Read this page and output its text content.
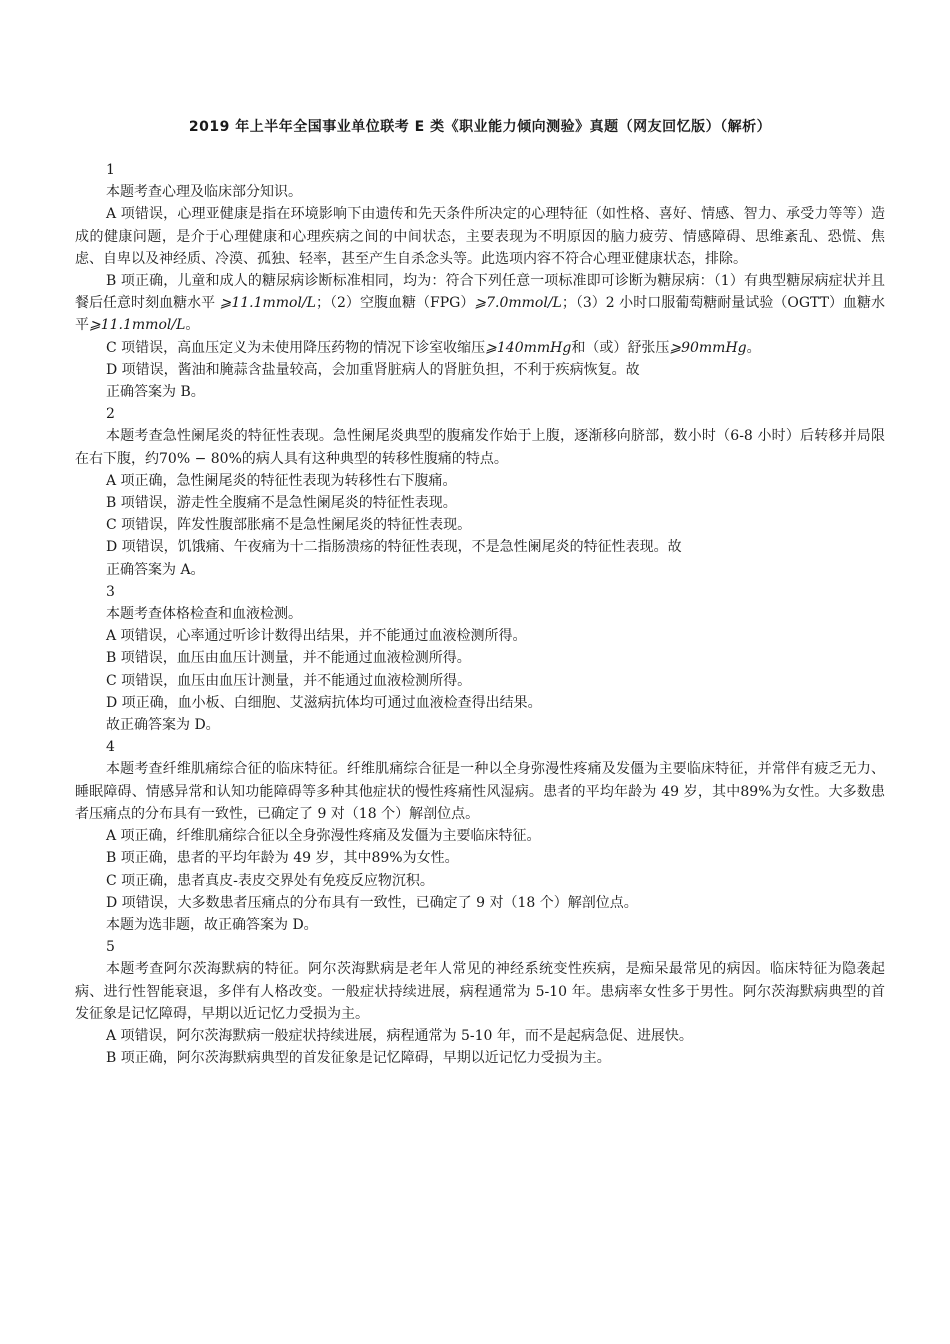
2019 年上半年全国事业单位联考 E 类《职业能力倾向测验》真题（网友回忆版）（解析）

1

本题考查心理及临床部分知识。

A 项错误，心理亚健康是指在环境影响下由遗传和先天条件所决定的心理特征（如性格、喜好、情感、智力、承受力等等）造成的健康问题，是介于心理健康和心理疾病之间的中间状态，主要表现为不明原因的脑力疲劳、情感障碍、思维紊乱、恐慌、焦虑、自卑以及神经质、冷漠、孤独、轻率，甚至产生自杀念头等。此选项内容不符合心理亚健康状态，排除。

B 项正确，儿童和成人的糖尿病诊断标准相同，均为：符合下列任意一项标准即可诊断为糖尿病：（1）有典型糖尿病症状并且餐后任意时刻血糖水平 ⩾11.1mmol/L；（2）空腹血糖（FPG）⩾7.0mmol/L；（3）2 小时口服葡萄糖耐量试验（OGTT）血糖水平⩾11.1mmol/L。

C 项错误，高血压定义为未使用降压药物的情况下诊室收缩压⩾140mmHg和（或）舒张压⩾90mmHg。

D 项错误，酱油和腌蒜含盐量较高，会加重肾脏病人的肾脏负担，不利于疾病恢复。故

正确答案为 B。

2

本题考查急性阑尾炎的特征性表现。急性阑尾炎典型的腹痛发作始于上腹，逐渐移向脐部，数小时（6-8 小时）后转移并局限在右下腹，约70% − 80%的病人具有这种典型的转移性腹痛的特点。

A 项正确，急性阑尾炎的特征性表现为转移性右下腹痛。

B 项错误，游走性全腹痛不是急性阑尾炎的特征性表现。

C 项错误，阵发性腹部胀痛不是急性阑尾炎的特征性表现。

D 项错误，饥饿痛、午夜痛为十二指肠溃疡的特征性表现，不是急性阑尾炎的特征性表现。故

正确答案为 A。

3

本题考查体格检查和血液检测。

A 项错误，心率通过听诊计数得出结果，并不能通过血液检测所得。

B 项错误，血压由血压计测量，并不能通过血液检测所得。

C 项错误，血压由血压计测量，并不能通过血液检测所得。

D 项正确，血小板、白细胞、艾滋病抗体均可通过血液检查得出结果。

故正确答案为 D。

4

本题考查纤维肌痛综合征的临床特征。纤维肌痛综合征是一种以全身弥漫性疼痛及发僵为主要临床特征，并常伴有疲乏无力、睡眠障碍、情感异常和认知功能障碍等多种其他症状的慢性疼痛性风湿病。患者的平均年龄为 49 岁，其中89%为女性。大多数患者压痛点的分布具有一致性，已确定了 9 对（18 个）解剖位点。

A 项正确，纤维肌痛综合征以全身弥漫性疼痛及发僵为主要临床特征。

B 项正确，患者的平均年龄为 49 岁，其中89%为女性。

C 项正确，患者真皮-表皮交界处有免疫反应物沉积。

D 项错误，大多数患者压痛点的分布具有一致性，已确定了 9 对（18 个）解剖位点。

本题为选非题，故正确答案为 D。

5

本题考查阿尔茨海默病的特征。阿尔茨海默病是老年人常见的神经系统变性疾病，是痴呆最常见的病因。临床特征为隐袭起病、进行性智能衰退，多伴有人格改变。一般症状持续进展，病程通常为 5-10 年。患病率女性多于男性。阿尔茨海默病典型的首发征象是记忆障碍，早期以近记忆力受损为主。

A 项错误，阿尔茨海默病一般症状持续进展，病程通常为 5-10 年，而不是起病急促、进展快。

B 项正确，阿尔茨海默病典型的首发征象是记忆障碍，早期以近记忆力受损为主。
